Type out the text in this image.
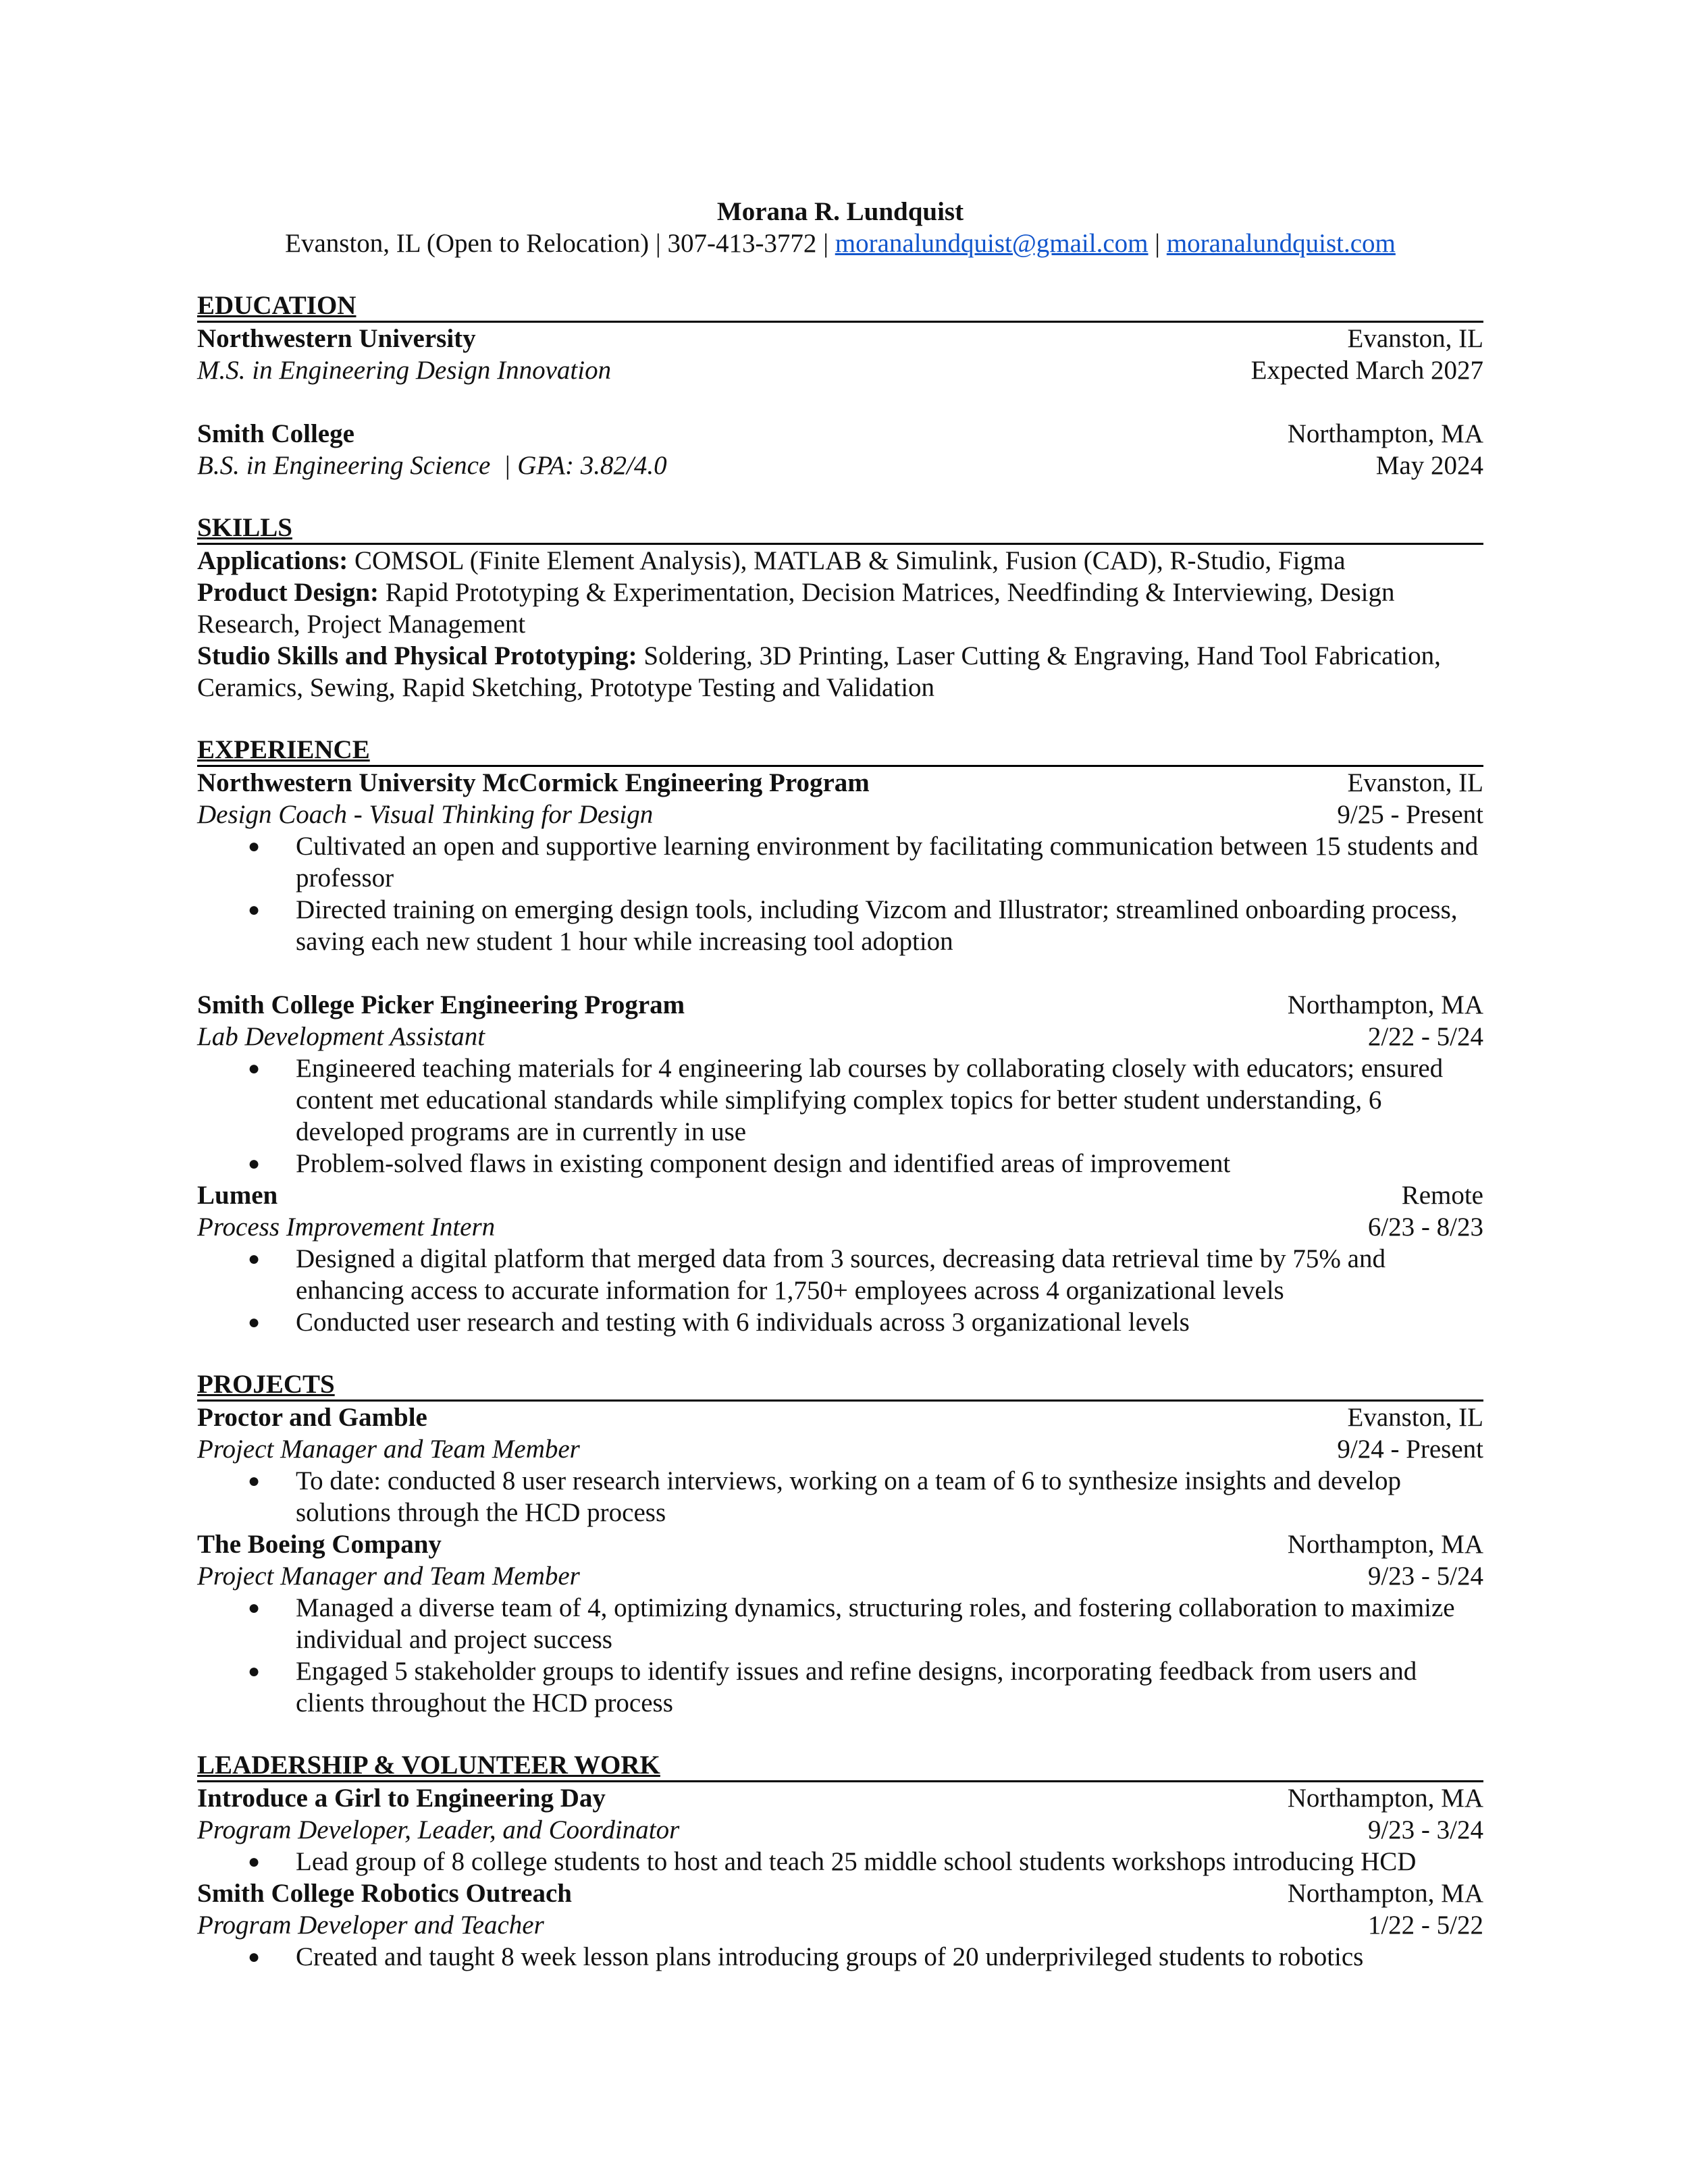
Morana R. Lundquist
Evanston, IL (Open to Relocation) | 307-413-3772 | moranalundquist@gmail.com | moranalundquist.com
EDUCATION
Northwestern University	Evanston, IL
M.S. in Engineering Design Innovation	Expected March 2027
Smith College	Northampton, MA
B.S. in Engineering Science  | GPA: 3.82/4.0	May 2024
SKILLS
Applications: COMSOL (Finite Element Analysis), MATLAB & Simulink, Fusion (CAD), R-Studio, Figma
Product Design: Rapid Prototyping & Experimentation, Decision Matrices, Needfinding & Interviewing, Design Research, Project Management
Studio Skills and Physical Prototyping: Soldering, 3D Printing, Laser Cutting & Engraving, Hand Tool Fabrication, Ceramics, Sewing, Rapid Sketching, Prototype Testing and Validation
EXPERIENCE
Northwestern University McCormick Engineering Program	Evanston, IL
Design Coach - Visual Thinking for Design	9/25 - Present
● Cultivated an open and supportive learning environment by facilitating communication between 15 students and professor
● Directed training on emerging design tools, including Vizcom and Illustrator; streamlined onboarding process, saving each new student 1 hour while increasing tool adoption
Smith College Picker Engineering Program	Northampton, MA
Lab Development Assistant	2/22 - 5/24
● Engineered teaching materials for 4 engineering lab courses by collaborating closely with educators; ensured content met educational standards while simplifying complex topics for better student understanding, 6 developed programs are in currently in use
● Problem-solved flaws in existing component design and identified areas of improvement
Lumen	Remote
Process Improvement Intern	6/23 - 8/23
● Designed a digital platform that merged data from 3 sources, decreasing data retrieval time by 75% and enhancing access to accurate information for 1,750+ employees across 4 organizational levels
● Conducted user research and testing with 6 individuals across 3 organizational levels
PROJECTS
Proctor and Gamble	Evanston, IL
Project Manager and Team Member	9/24 - Present
● To date: conducted 8 user research interviews, working on a team of 6 to synthesize insights and develop solutions through the HCD process
The Boeing Company	Northampton, MA
Project Manager and Team Member	9/23 - 5/24
● Managed a diverse team of 4, optimizing dynamics, structuring roles, and fostering collaboration to maximize individual and project success
● Engaged 5 stakeholder groups to identify issues and refine designs, incorporating feedback from users and clients throughout the HCD process
LEADERSHIP & VOLUNTEER WORK
Introduce a Girl to Engineering Day	Northampton, MA
Program Developer, Leader, and Coordinator	9/23 - 3/24
● Lead group of 8 college students to host and teach 25 middle school students workshops introducing HCD
Smith College Robotics Outreach	Northampton, MA
Program Developer and Teacher	1/22 - 5/22
● Created and taught 8 week lesson plans introducing groups of 20 underprivileged students to robotics
